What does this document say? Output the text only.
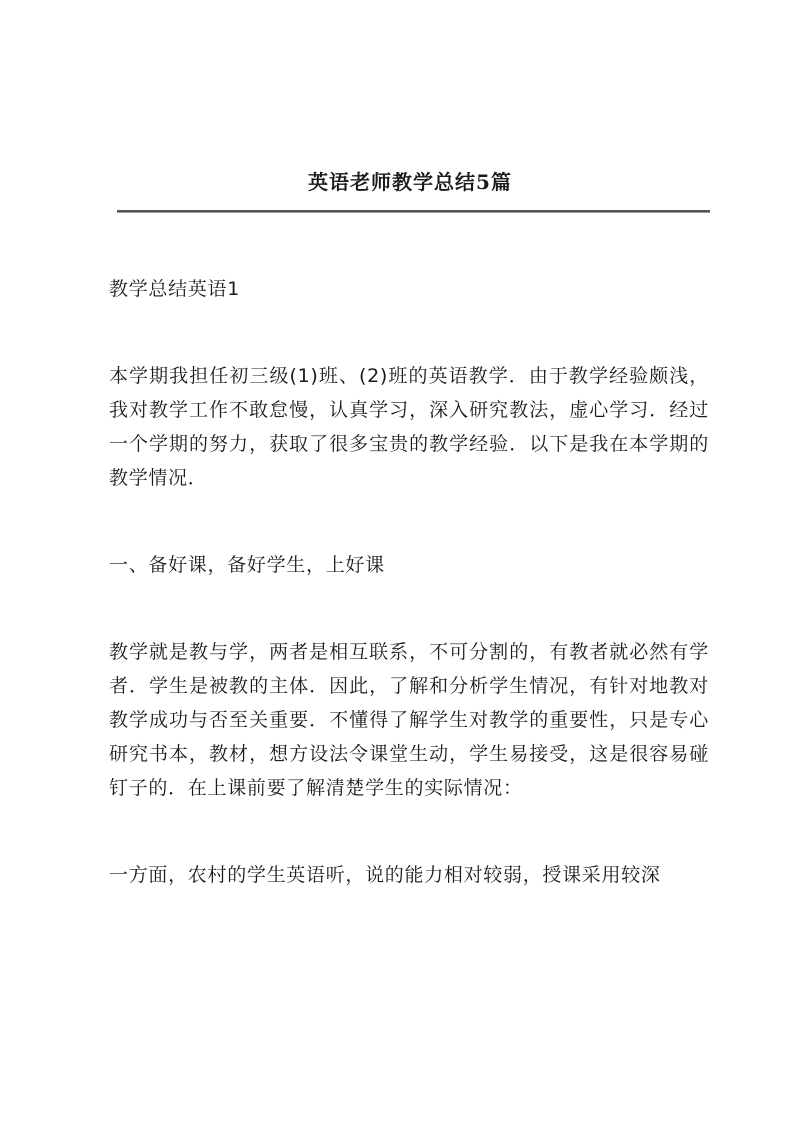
英语老师教学总结5篇

教学总结英语1

本学期我担任初三级(1)班、(2)班的英语教学．由于教学经验颇浅，我对教学工作不敢怠慢，认真学习，深入研究教法，虚心学习．经过一个学期的努力，获取了很多宝贵的教学经验．以下是我在本学期的教学情况．

一、备好课，备好学生，上好课

教学就是教与学，两者是相互联系，不可分割的，有教者就必然有学者．学生是被教的主体．因此，了解和分析学生情况，有针对地教对教学成功与否至关重要．不懂得了解学生对教学的重要性，只是专心研究书本，教材，想方设法令课堂生动，学生易接受，这是很容易碰钉子的．在上课前要了解清楚学生的实际情况：

一方面，农村的学生英语听，说的能力相对较弱，授课采用较深
